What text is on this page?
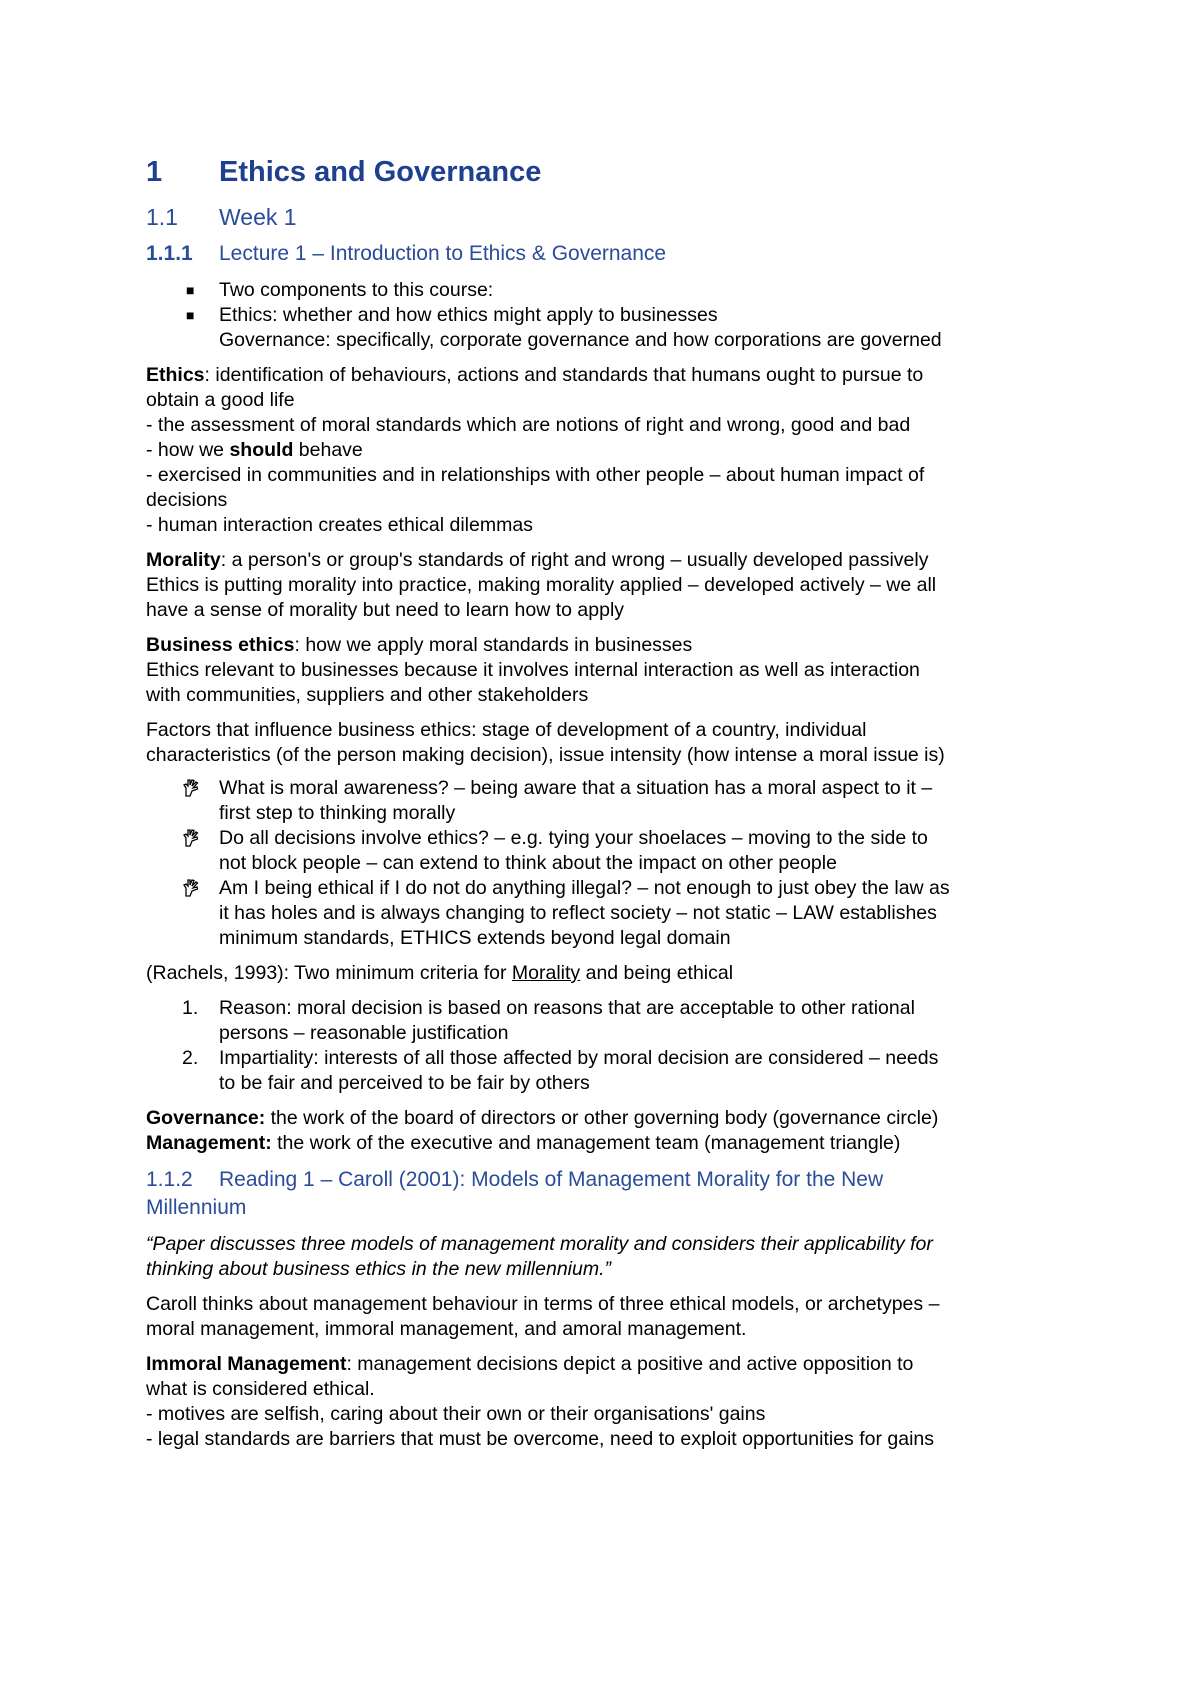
1	Ethics and Governance
1.1	Week 1
1.1.1	Lecture 1 – Introduction to Ethics & Governance
■ Two components to this course:
■ Ethics: whether and how ethics might apply to businesses
Governance: specifically, corporate governance and how corporations are governed

Ethics: identification of behaviours, actions and standards that humans ought to pursue to
obtain a good life
- the assessment of moral standards which are notions of right and wrong, good and bad
- how we should behave
- exercised in communities and in relationships with other people – about human impact of
decisions
- human interaction creates ethical dilemmas

Morality: a person's or group's standards of right and wrong – usually developed passively
Ethics is putting morality into practice, making morality applied – developed actively – we all
have a sense of morality but need to learn how to apply

Business ethics: how we apply moral standards in businesses
Ethics relevant to businesses because it involves internal interaction as well as interaction
with communities, suppliers and other stakeholders

Factors that influence business ethics: stage of development of a country, individual
characteristics (of the person making decision), issue intensity (how intense a moral issue is)

What is moral awareness? – being aware that a situation has a moral aspect to it –
first step to thinking morally
Do all decisions involve ethics? – e.g. tying your shoelaces – moving to the side to
not block people – can extend to think about the impact on other people
Am I being ethical if I do not do anything illegal? – not enough to just obey the law as
it has holes and is always changing to reflect society – not static – LAW establishes
minimum standards, ETHICS extends beyond legal domain

(Rachels, 1993): Two minimum criteria for Morality and being ethical

1. Reason: moral decision is based on reasons that are acceptable to other rational
persons – reasonable justification
2. Impartiality: interests of all those affected by moral decision are considered – needs
to be fair and perceived to be fair by others

Governance: the work of the board of directors or other governing body (governance circle)
Management: the work of the executive and management team (management triangle)

1.1.2	Reading 1 – Caroll (2001): Models of Management Morality for the New
Millennium

“Paper discusses three models of management morality and considers their applicability for
thinking about business ethics in the new millennium.”

Caroll thinks about management behaviour in terms of three ethical models, or archetypes –
moral management, immoral management, and amoral management.

Immoral Management: management decisions depict a positive and active opposition to
what is considered ethical.
- motives are selfish, caring about their own or their organisations' gains
- legal standards are barriers that must be overcome, need to exploit opportunities for gains
